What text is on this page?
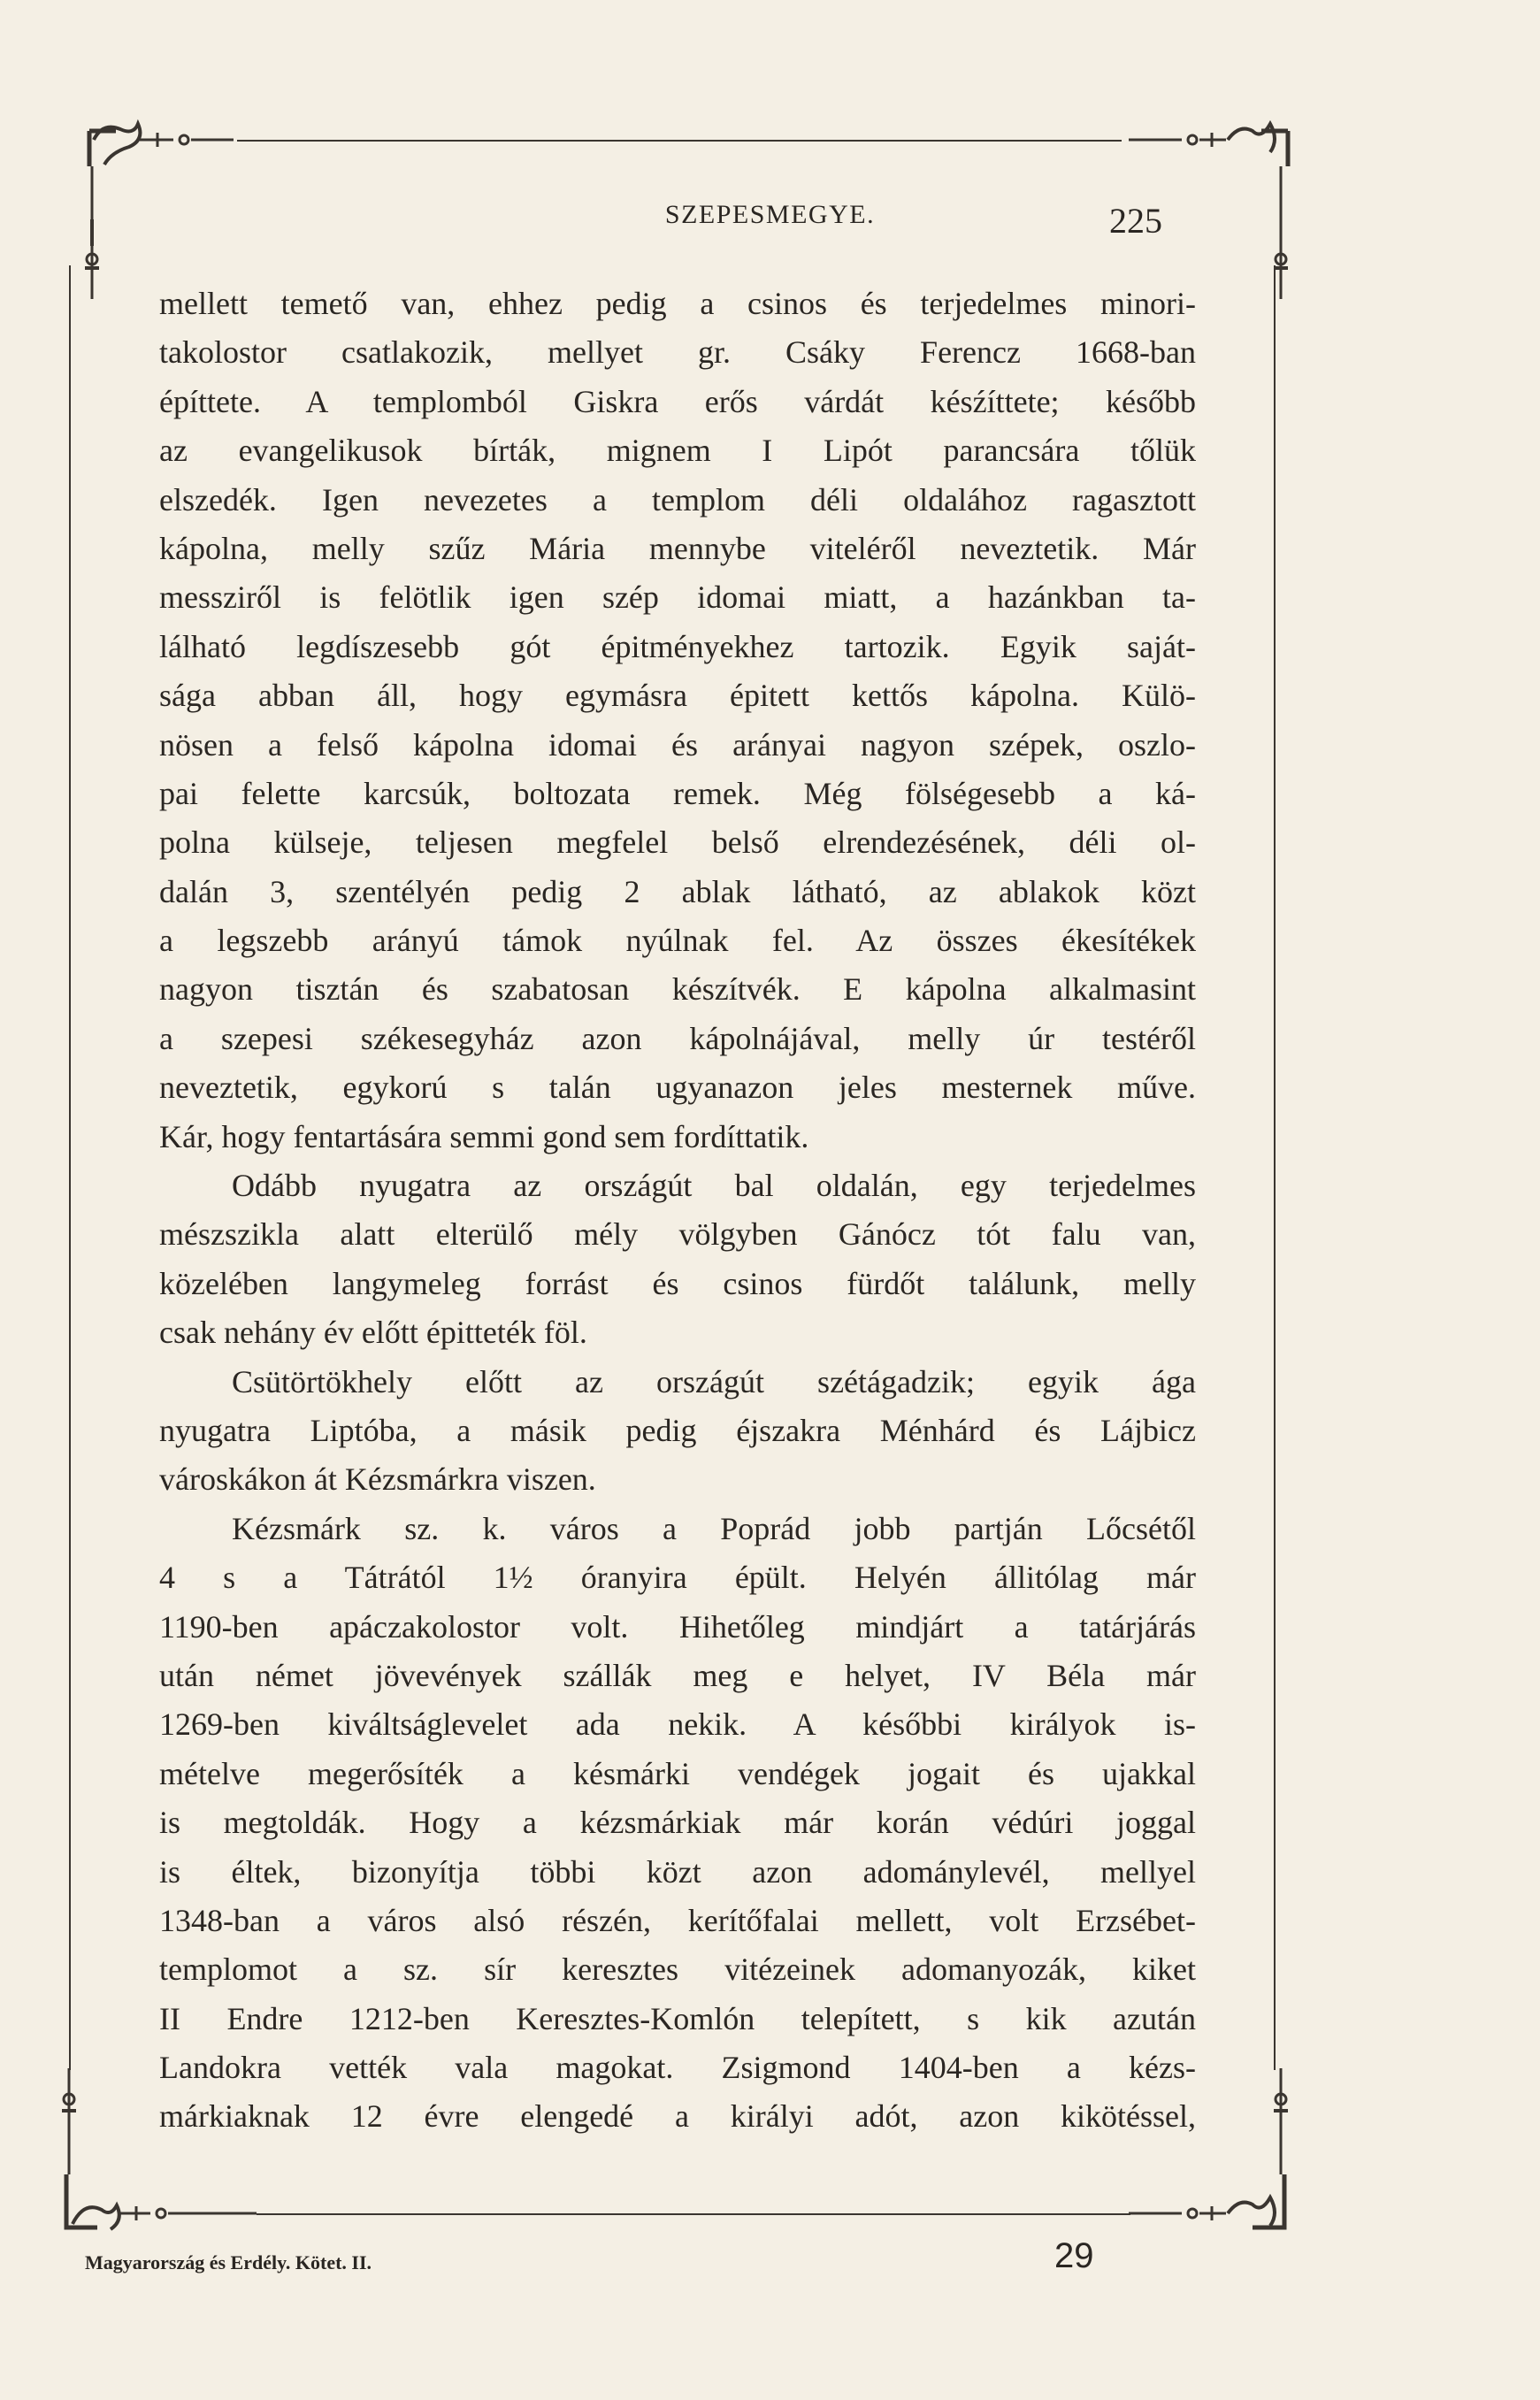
SZEPESMEGYE.	225
mellett temető van, ehhez pedig a csinos és terjedelmes minori-
takolostor csatlakozik, mellyet gr. Csáky Ferencz 1668-ban
építtete. A templomból Giskra erős várdát késźíttete; később
az evangelikusok bírták, mignem I Lipót parancsára tőlük
elszedék. Igen nevezetes a templom déli oldalához ragasztott
kápolna, melly szűz Mária mennybe viteléről neveztetik. Már
messziről is felötlik igen szép idomai miatt, a hazánkban ta-
lálható legdíszesebb gót épitményekhez tartozik. Egyik saját-
sága abban áll, hogy egymásra épitett kettős kápolna. Külö-
nösen a felső kápolna idomai és arányai nagyon szépek, oszlo-
pai felette karcsúk, boltozata remek. Még fölségesebb a ká-
polna külseje, teljesen megfelel belső elrendezésének, déli ol-
dalán 3, szentélyén pedig 2 ablak látható, az ablakok közt
a legszebb arányú támok nyúlnak fel. Az összes ékesítékek
nagyon tisztán és szabatosan készítvék. E kápolna alkalmasint
a szepesi székesegyház azon kápolnájával, melly úr testéről
neveztetik, egykorú s talán ugyanazon jeles mesternek műve.
Kár, hogy fentartására semmi gond sem fordíttatik.
Odább nyugatra az országút bal oldalán, egy terjedelmes
mészszikla alatt elterülő mély völgyben Gánócz tót falu van,
közelében langymeleg forrást és csinos fürdőt találunk, melly
csak nehány év előtt épitteték föl.
Csütörtökhely előtt az országút szétágadzik; egyik ága
nyugatra Liptóba, a másik pedig éjszakra Ménhárd és Lájbicz
városkákon át Kézsmárkra viszen.
Kézsmárk sz. k. város a Poprád jobb partján Lőcsétől
4 s a Tátrától 1½ óranyira épült. Helyén állitólag már
1190-ben apáczakolostor volt. Hihetőleg mindjárt a tatárjárás
után német jövevények szállák meg e helyet, IV Béla már
1269-ben kiváltságlevelet ada nekik. A későbbi királyok is-
mételve megerősíték a késmárki vendégek jogait és ujakkal
is megtoldák. Hogy a kézsmárkiak már korán védúri joggal
is éltek, bizonyítja többi közt azon adománylevél, mellyel
1348-ban a város alsó részén, kerítőfalai mellett, volt Erzsébet-
templomot a sz. sír keresztes vitézeinek adomanyozák, kiket
II Endre 1212-ben Keresztes-Komlón telepített, s kik azután
Landokra vették vala magokat. Zsigmond 1404-ben a kézs-
márkiaknak 12 évre elengedé a királyi adót, azon kikötéssel,
Magyarország és Erdély. Kötet. II.	29
